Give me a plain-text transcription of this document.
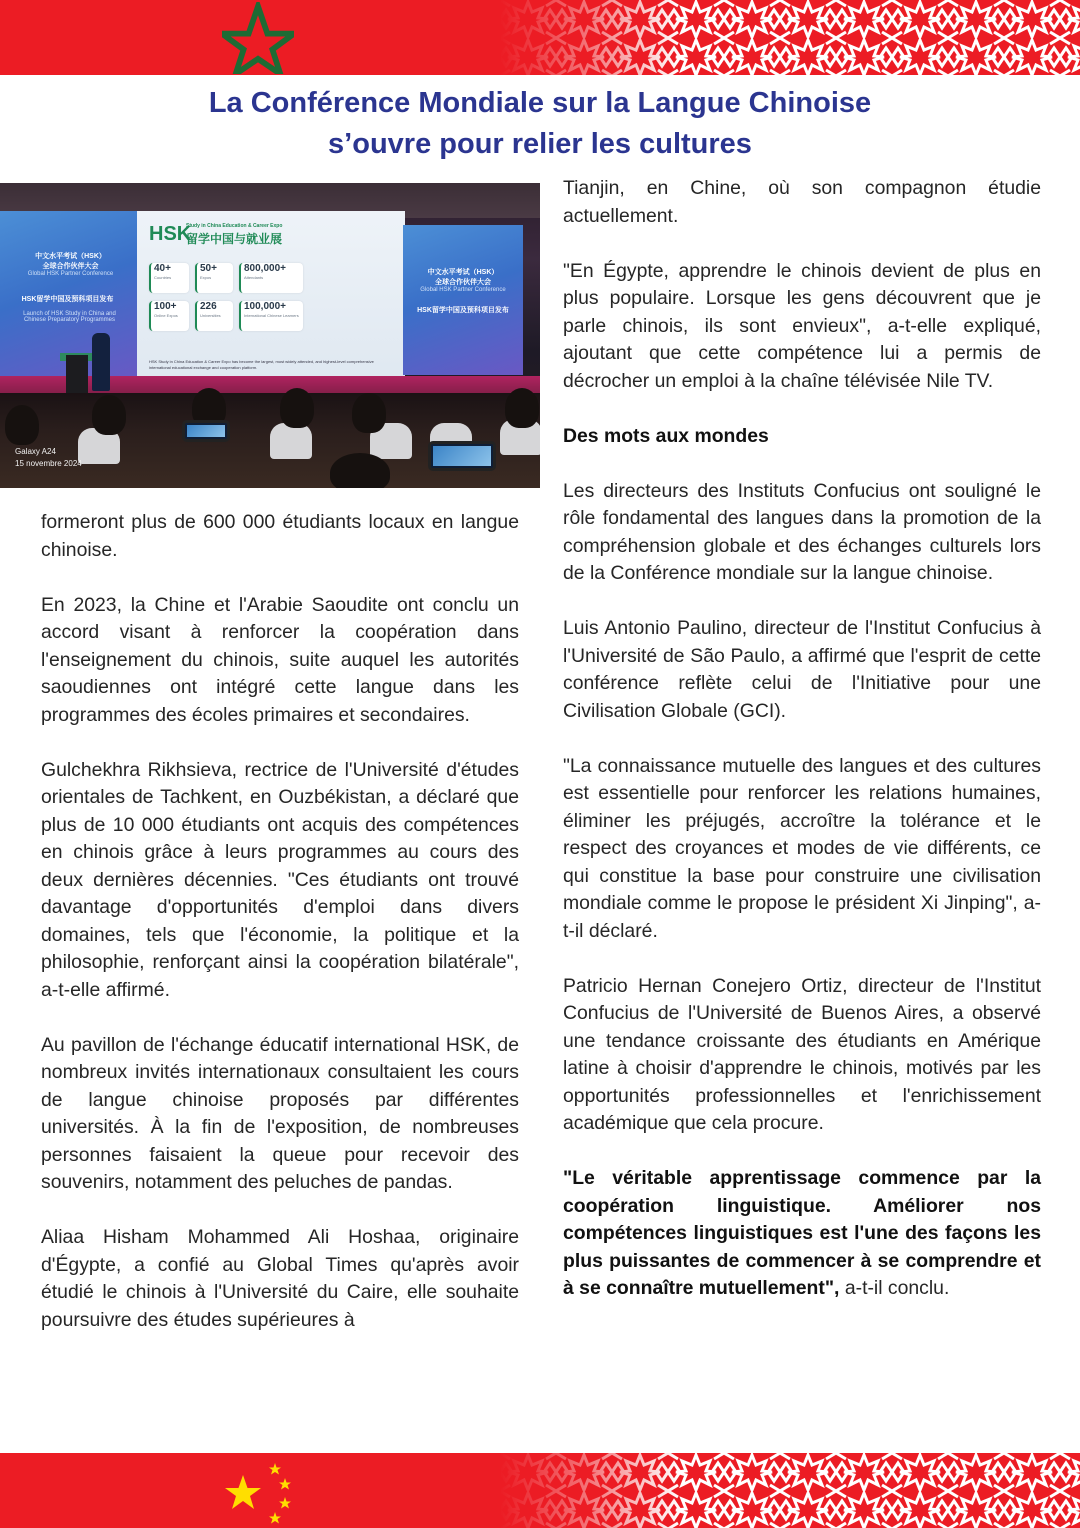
La Conférence Mondiale sur la Langue Chinoise
s’ouvre pour relier les cultures
中文水平考试（HSK）
全球合作伙伴大会
Global HSK Partner Conference
HSK留学中国及预科项目发布
Launch of HSK Study in China and Chinese Preparatory Programmes
HSK
Study in China Education & Career Expo
留学中国与就业展
40+
Countries
50+
Expos
800,000+
Attendants
100+
Online Expos
226
Universities
100,000+
International Chinese Learners
HSK Study in China Education & Career Expo has become the largest, most widely attended, and highest-level comprehensive international educational exchange and cooperation platform.
中文水平考试（HSK）
全球合作伙伴大会
Global HSK Partner Conference
HSK留学中国及预科项目发布
Galaxy A24
15 novembre 2024

formeront plus de 600 000 étudiants locaux en langue chinoise.

En 2023, la Chine et l'Arabie Saoudite ont conclu un accord visant à renforcer la coopération dans l'enseignement du chinois, suite auquel les autorités saoudiennes ont intégré cette langue dans les programmes des écoles primaires et secondaires.

Gulchekhra Rikhsieva, rectrice de l'Université d'études orientales de Tachkent, en Ouzbékistan, a déclaré que plus de 10 000 étudiants ont acquis des compétences en chinois grâce à leurs programmes au cours des deux dernières décennies. "Ces étudiants ont trouvé davantage d'opportunités d'emploi dans divers domaines, tels que l'économie, la politique et la philosophie, renforçant ainsi la coopération bilatérale", a-t-elle affirmé.

Au pavillon de l'échange éducatif international HSK, de nombreux invités internationaux consultaient les cours de langue chinoise proposés par différentes universités. À la fin de l'exposition, de nombreuses personnes faisaient la queue pour recevoir des souvenirs, notamment des peluches de pandas.

Aliaa Hisham Mohammed Ali Hoshaa, originaire d'Égypte, a confié au Global Times qu'après avoir étudié le chinois à l'Université du Caire, elle souhaite poursuivre des études supérieures à

Tianjin, en Chine, où son compagnon étudie actuellement.

"En Égypte, apprendre le chinois devient de plus en plus populaire. Lorsque les gens découvrent que je parle chinois, ils sont envieux", a-t-elle expliqué, ajoutant que cette compétence lui a permis de décrocher un emploi à la chaîne télévisée Nile TV.

Des mots aux mondes

Les directeurs des Instituts Confucius ont souligné le rôle fondamental des langues dans la promotion de la compréhension globale et des échanges culturels lors de la Conférence mondiale sur la langue chinoise.

Luis Antonio Paulino, directeur de l'Institut Confucius à l'Université de São Paulo, a affirmé que l'esprit de cette conférence reflète celui de l'Initiative pour une Civilisation Globale (GCI).

"La connaissance mutuelle des langues et des cultures est essentielle pour renforcer les relations humaines, éliminer les préjugés, accroître la tolérance et le respect des croyances et modes de vie différents, ce qui constitue la base pour construire une civilisation mondiale comme le propose le président Xi Jinping", a-t-il déclaré.

Patricio Hernan Conejero Ortiz, directeur de l'Institut Confucius de l'Université de Buenos Aires, a observé une tendance croissante des étudiants en Amérique latine à choisir d'apprendre le chinois, motivés par les opportunités professionnelles et l'enrichissement académique que cela procure.

"Le véritable apprentissage commence par la coopération linguistique. Améliorer nos compétences linguistiques est l'une des façons les plus puissantes de commencer à se comprendre et à se connaître mutuellement", a-t-il conclu.
